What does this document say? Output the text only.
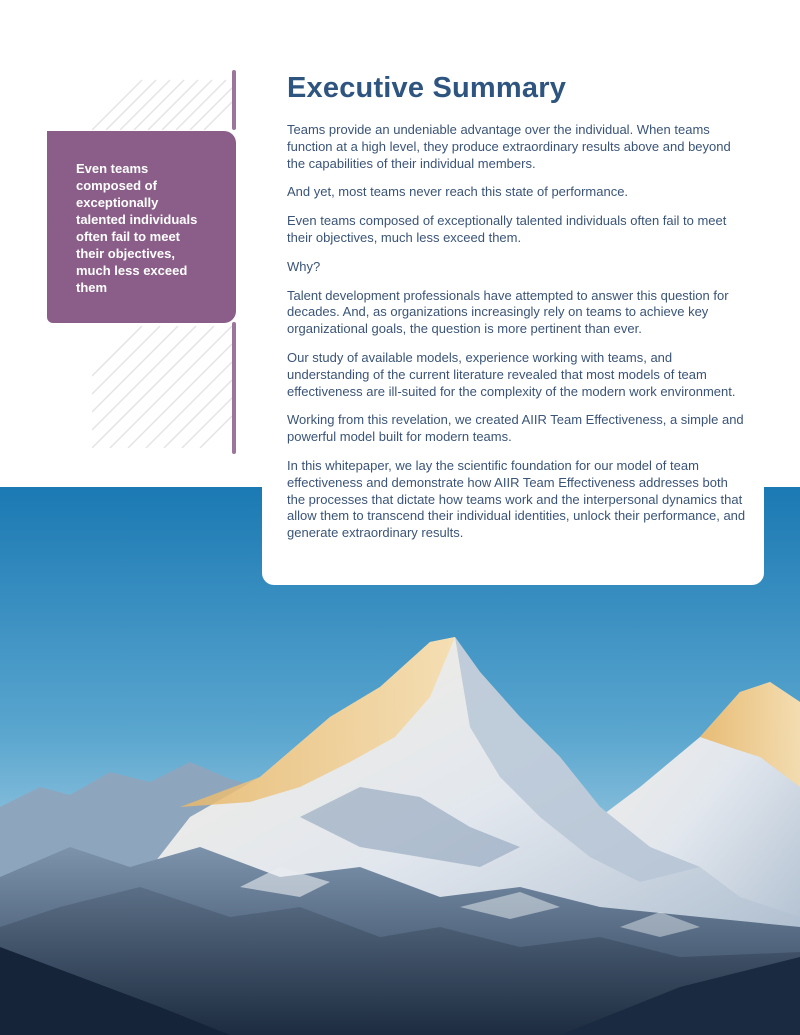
Even teams composed of exceptionally talented individuals often fail to meet their objectives, much less exceed them

Executive Summary

Teams provide an undeniable advantage over the individual. When teams function at a high level, they produce extraordinary results above and beyond the capabilities of their individual members.

And yet, most teams never reach this state of performance.

Even teams composed of exceptionally talented individuals often fail to meet their objectives, much less exceed them.

Why?

Talent development professionals have attempted to answer this question for decades. And, as organizations increasingly rely on teams to achieve key organizational goals, the question is more pertinent than ever.

Our study of available models, experience working with teams, and understanding of the current literature revealed that most models of team effectiveness are ill-suited for the complexity of the modern work environment.

Working from this revelation, we created AIIR Team Effectiveness, a simple and powerful model built for modern teams.

In this whitepaper, we lay the scientific foundation for our model of team effectiveness and demonstrate how AIIR Team Effectiveness addresses both the processes that dictate how teams work and the interpersonal dynamics that allow them to transcend their individual identities, unlock their performance, and generate extraordinary results.
